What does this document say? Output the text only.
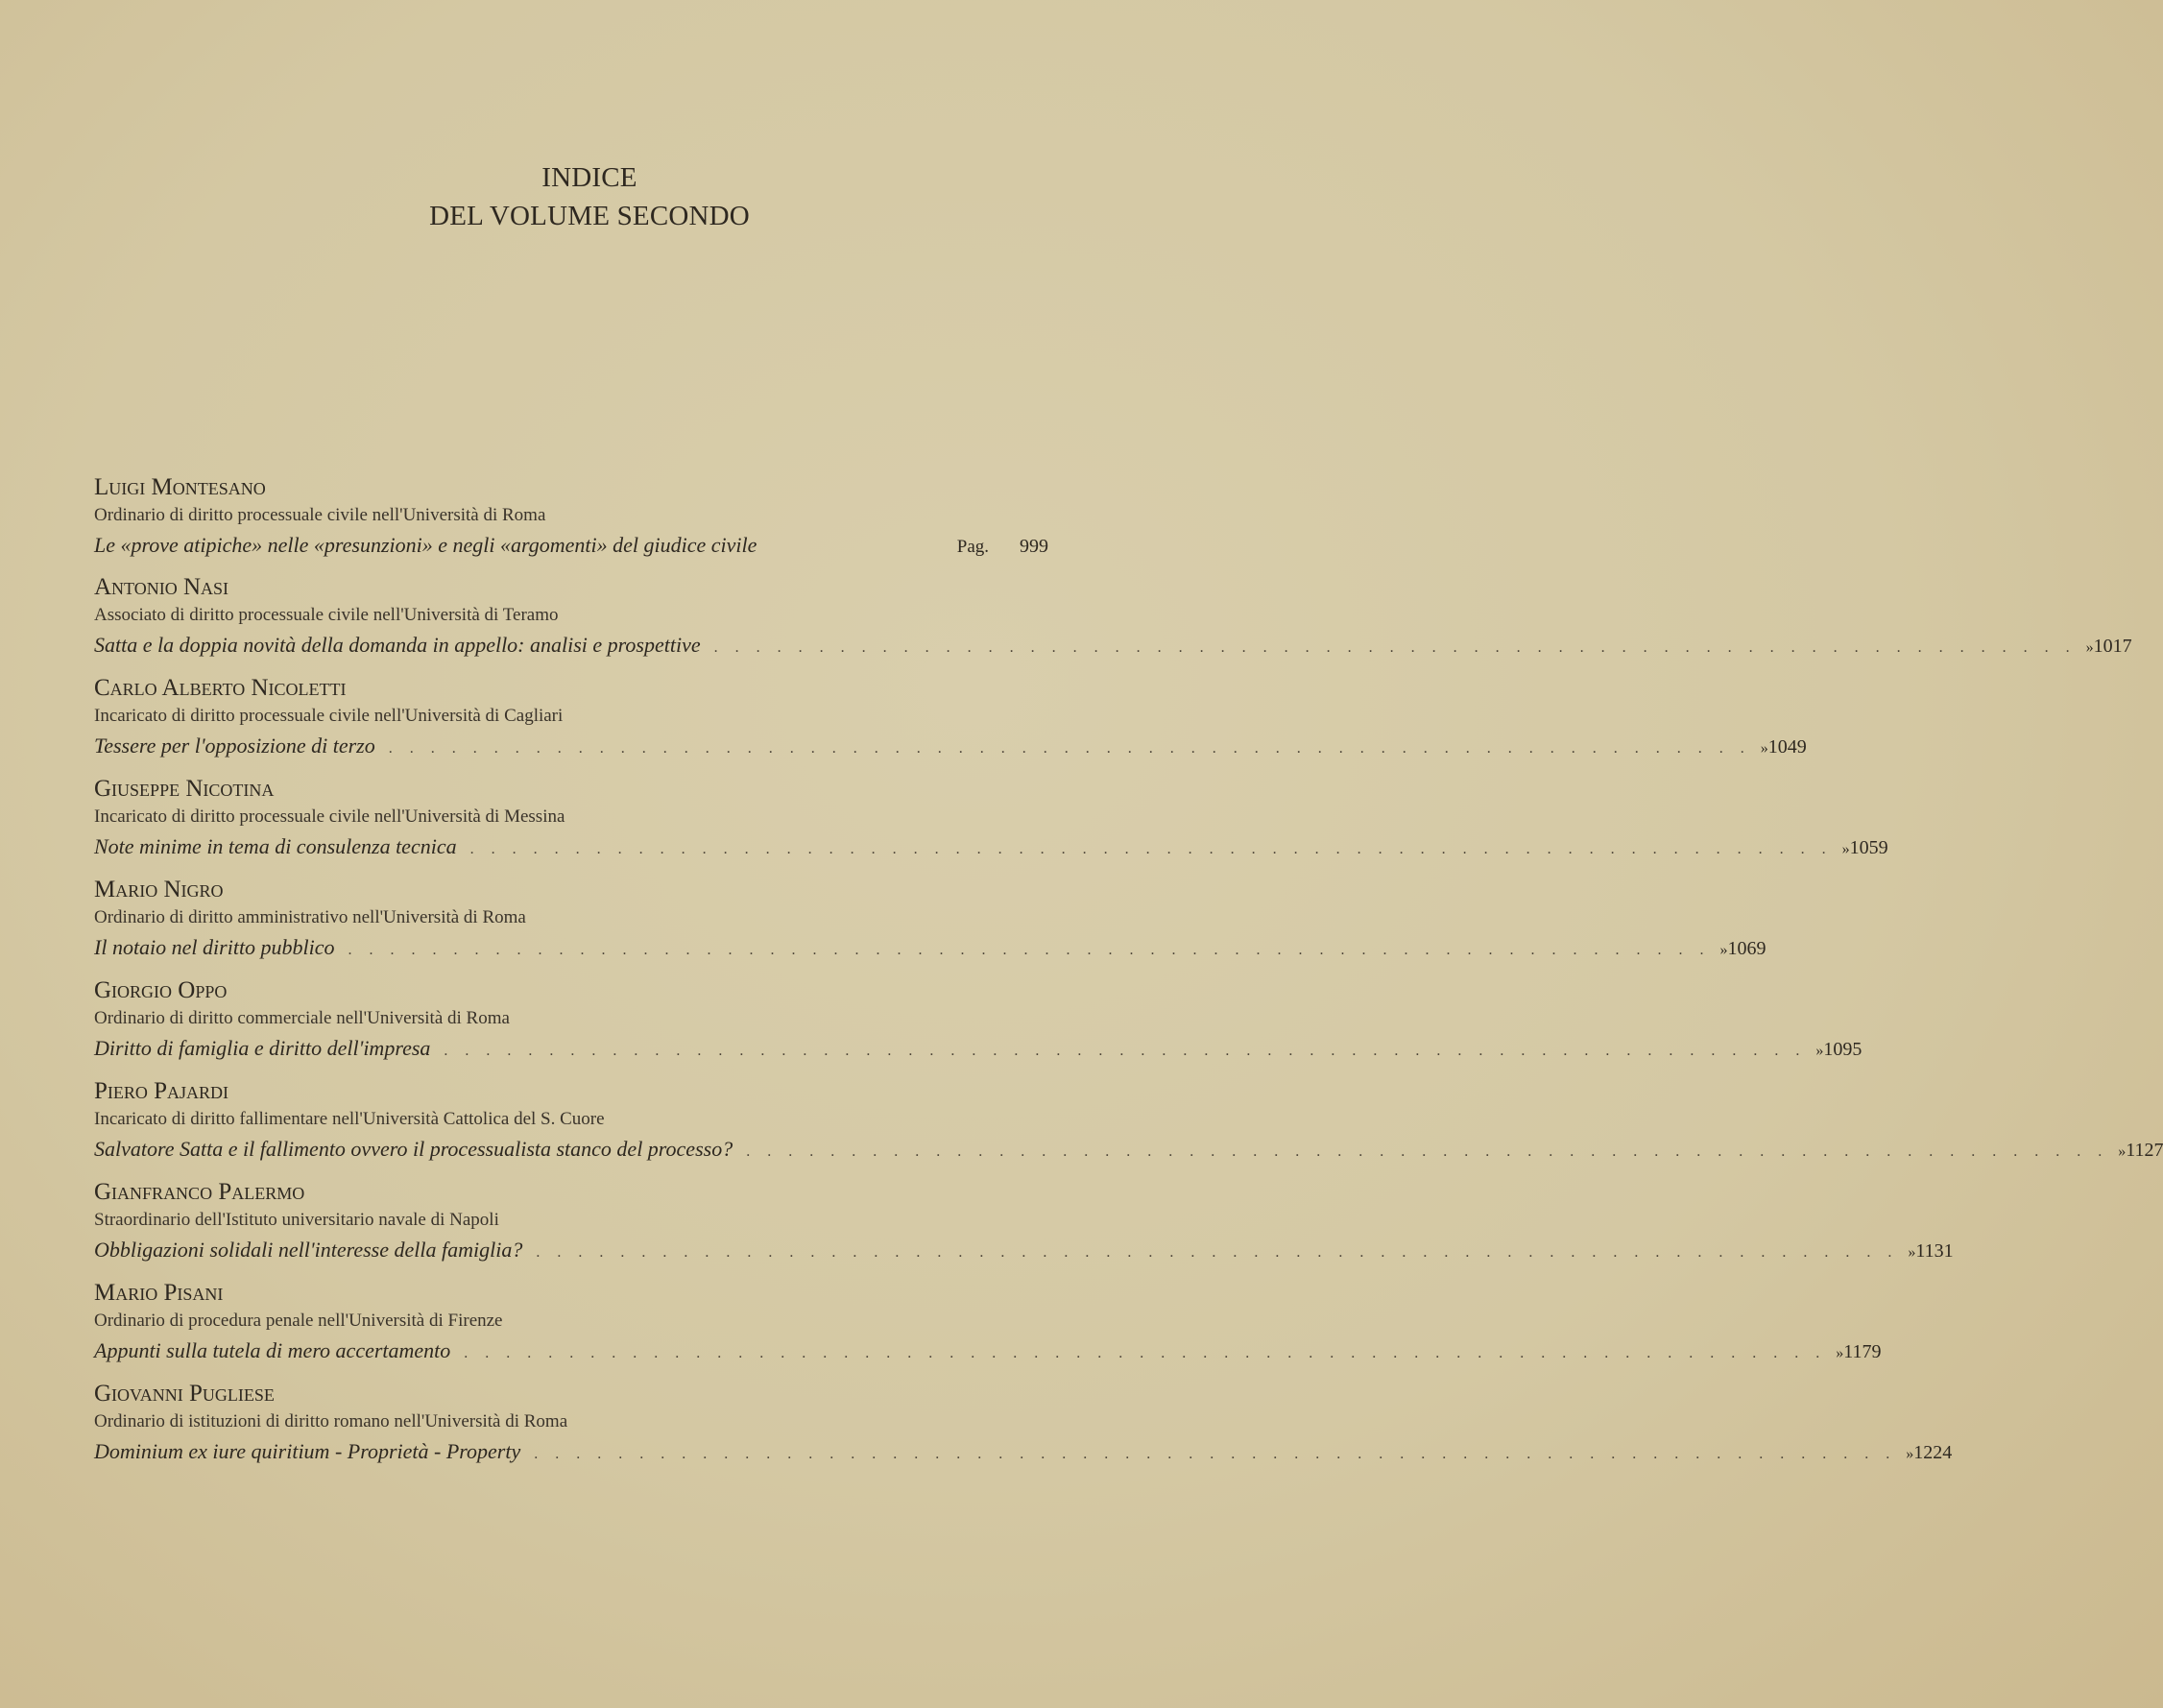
INDICE
DEL VOLUME SECONDO
Luigi Montesano
Ordinario di diritto processuale civile nell'Università di Roma
Le «prove atipiche» nelle «presunzioni» e negli «argomenti» del giudice civile	Pag.	999
Antonio Nasi
Associato di diritto processuale civile nell'Università di Teramo
Satta e la doppia novità della domanda in appello: analisi e prospettive . . . . . . . . . . . . . . . . . . . . . . . . . . . . . . . . . . . . . . . . . . . . . . . . . . . . . . . . . . . . . . . . . » 1017
Carlo Alberto Nicoletti
Incaricato di diritto processuale civile nell'Università di Cagliari
Tessere per l'opposizione di terzo . . . . . . . . . . . . . . . . . . . . . . . . . . . . . . . . . . . . . . . . . . . . . . . . . . . . . . . . . . . . . . . . . » 1049
Giuseppe Nicotina
Incaricato di diritto processuale civile nell'Università di Messina
Note minime in tema di consulenza tecnica . . . . . . . . . . . . . . . . . . . . . . . . . . . . . . . . . . . . . . . . . . . . . . . . . . . . . . . . . . . . . . . . . » 1059
Mario Nigro
Ordinario di diritto amministrativo nell'Università di Roma
Il notaio nel diritto pubblico . . . . . . . . . . . . . . . . . . . . . . . . . . . . . . . . . . . . . . . . . . . . . . . . . . . . . . . . . . . . . . . . . » 1069
Giorgio Oppo
Ordinario di diritto commerciale nell'Università di Roma
Diritto di famiglia e diritto dell'impresa . . . . . . . . . . . . . . . . . . . . . . . . . . . . . . . . . . . . . . . . . . . . . . . . . . . . . . . . . . . . . . . . . » 1095
Piero Pajardi
Incaricato di diritto fallimentare nell'Università Cattolica del S. Cuore
Salvatore Satta e il fallimento ovvero il processualista stanco del processo? . . . . . . . . . . . . . . . . . . . . . . . . . . . . . . . . . . . . . . . . . . . . . . . . . . . . . . . . . . . . . . . . . » 1127
Gianfranco Palermo
Straordinario dell'Istituto universitario navale di Napoli
Obbligazioni solidali nell'interesse della famiglia? . . . . . . . . . . . . . . . . . . . . . . . . . . . . . . . . . . . . . . . . . . . . . . . . . . . . . . . . . . . . . . . . . » 1131
Mario Pisani
Ordinario di procedura penale nell'Università di Firenze
Appunti sulla tutela di mero accertamento . . . . . . . . . . . . . . . . . . . . . . . . . . . . . . . . . . . . . . . . . . . . . . . . . . . . . . . . . . . . . . . . . » 1179
Giovanni Pugliese
Ordinario di istituzioni di diritto romano nell'Università di Roma
Dominium ex iure quiritium - Proprietà - Property . . . . . . . . . . . . . . . . . . . . . . . . . . . . . . . . . . . . . . . . . . . . . . . . . . . . . . . . . . . . . . . . . » 1224
